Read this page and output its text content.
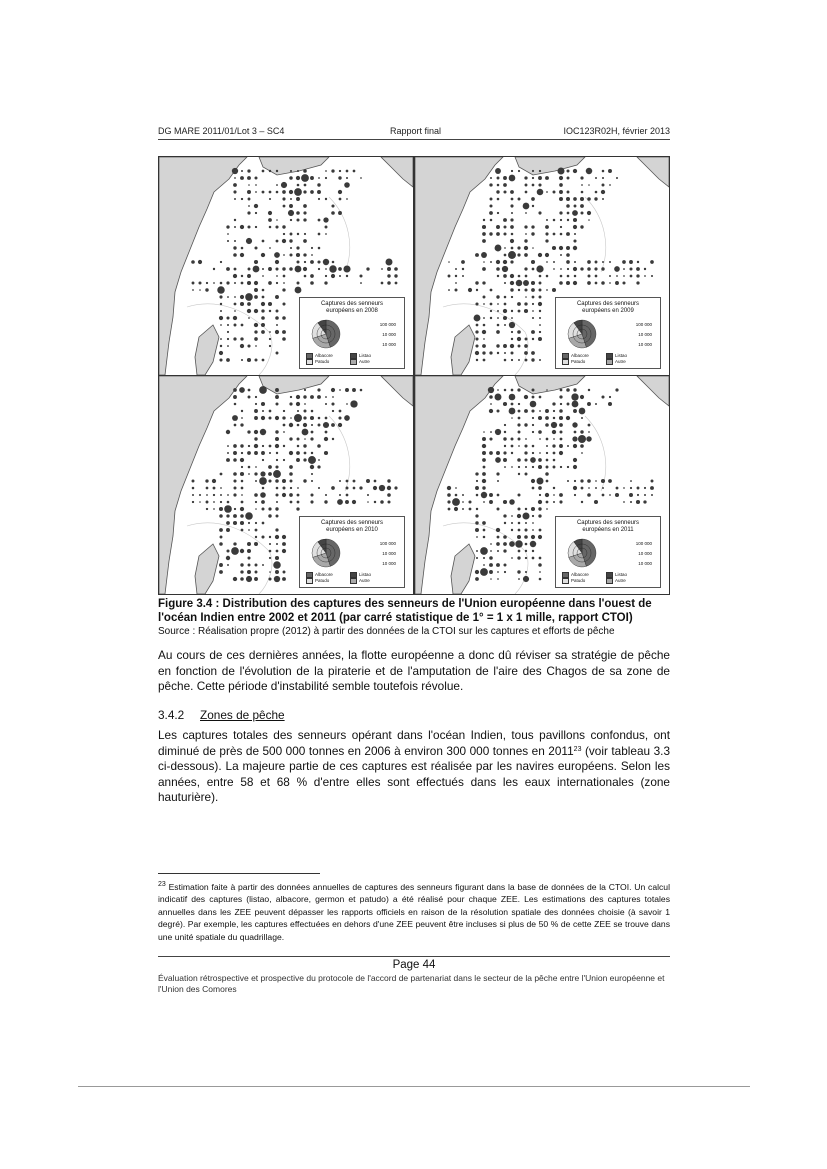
DG MARE 2011/01/Lot 3 – SC4	Rapport final	IOC123R02H, février 2013
Captures des senneurs
européens en 2008
100 000
10 000
10 000
Albacore	Listao
Patudo	Autre
Captures des senneurs
européens en 2009
100 000
10 000
10 000
Albacore	Listao
Patudo	Autre
Captures des senneurs
européens en 2010
100 000
10 000
10 000
Albacore	Listao
Patudo	Autre
Captures des senneurs
européens en 2011
100 000
10 000
10 000
Albacore	Listao
Patudo	Autre
Figure 3.4 : Distribution des captures des senneurs de l'Union européenne dans l'ouest de l'océan Indien entre 2002 et 2011 (par carré statistique de 1° = 1 x 1 mille, rapport CTOI)
Source : Réalisation propre (2012) à partir des données de la CTOI sur les captures et efforts de pêche
Au cours de ces dernières années, la flotte européenne a donc dû réviser sa stratégie de pêche en fonction de l'évolution de la piraterie et de l'amputation de l'aire des Chagos de sa zone de pêche. Cette période d'instabilité semble toutefois révolue.
3.4.2 Zones de pêche
Les captures totales des senneurs opérant dans l'océan Indien, tous pavillons confondus, ont diminué de près de 500 000 tonnes en 2006 à environ 300 000 tonnes en 2011$^{23}$ (voir tableau 3.3 ci-dessous). La majeure partie de ces captures est réalisée par les navires européens. Selon les années, entre 58 et 68 % d'entre elles sont effectués dans les eaux internationales (zone hauturière).
$^{23}$ Estimation faite à partir des données annuelles de captures des senneurs figurant dans la base de données de la CTOI. Un calcul indicatif des captures (listao, albacore, germon et patudo) a été réalisé pour chaque ZEE. Les estimations des captures totales annuelles dans les ZEE peuvent dépasser les rapports officiels en raison de la résolution spatiale des données choisie (à savoir 1 degré). Par exemple, les captures effectuées en dehors d'une ZEE peuvent être incluses si plus de 50 % de cette ZEE se trouve dans une unité spatiale du quadrillage.
Page 44
Évaluation rétrospective et prospective du protocole de l'accord de partenariat dans le secteur de la pêche entre l'Union européenne et l'Union des Comores
